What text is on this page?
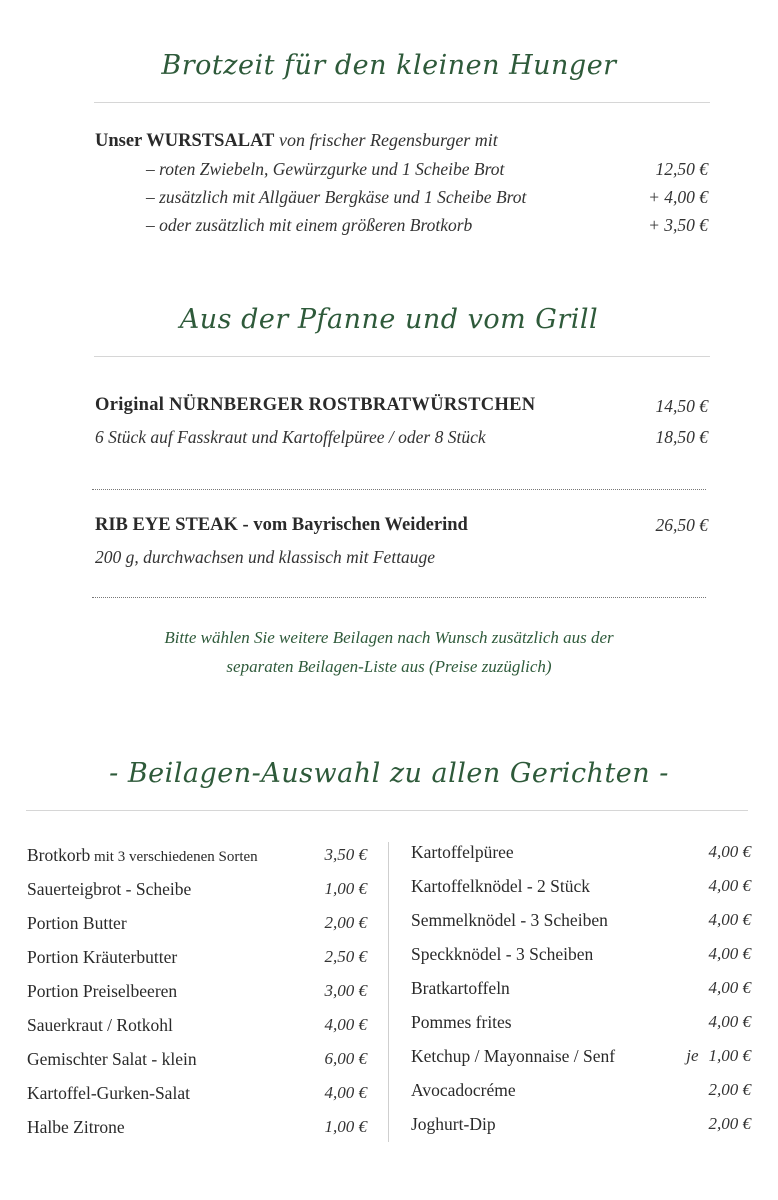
Brotzeit für den kleinen Hunger
Unser WURSTSALAT von frischer Regensburger mit
– roten Zwiebeln, Gewürzgurke und 1 Scheibe Brot	12,50 €
– zusätzlich mit Allgäuer Bergkäse und 1 Scheibe Brot	+ 4,00 €
– oder zusätzlich mit einem größeren Brotkorb	+ 3,50 €
Aus der Pfanne und vom Grill
Original NÜRNBERGER ROSTBRATWÜRSTCHEN	14,50 €
6 Stück auf Fasskraut und Kartoffelpüree / oder 8 Stück	18,50 €
RIB EYE STEAK - vom Bayrischen Weiderind	26,50 €
200 g, durchwachsen und klassisch mit Fettauge
Bitte wählen Sie weitere Beilagen nach Wunsch zusätzlich aus der
separaten Beilagen-Liste aus (Preise zuzüglich)
- Beilagen-Auswahl zu allen Gerichten -
Brotkorb mit 3 verschiedenen Sorten	3,50 €
Sauerteigbrot - Scheibe	1,00 €
Portion Butter	2,00 €
Portion Kräuterbutter	2,50 €
Portion Preiselbeeren	3,00 €
Sauerkraut / Rotkohl	4,00 €
Gemischter Salat - klein	6,00 €
Kartoffel-Gurken-Salat	4,00 €
Halbe Zitrone	1,00 €
Kartoffelpüree	4,00 €
Kartoffelknödel - 2 Stück	4,00 €
Semmelknödel - 3 Scheiben	4,00 €
Speckknödel - 3 Scheiben	4,00 €
Bratkartoffeln	4,00 €
Pommes frites	4,00 €
Ketchup / Mayonnaise / Senf	je 1,00 €
Avocadocréme	2,00 €
Joghurt-Dip	2,00 €
